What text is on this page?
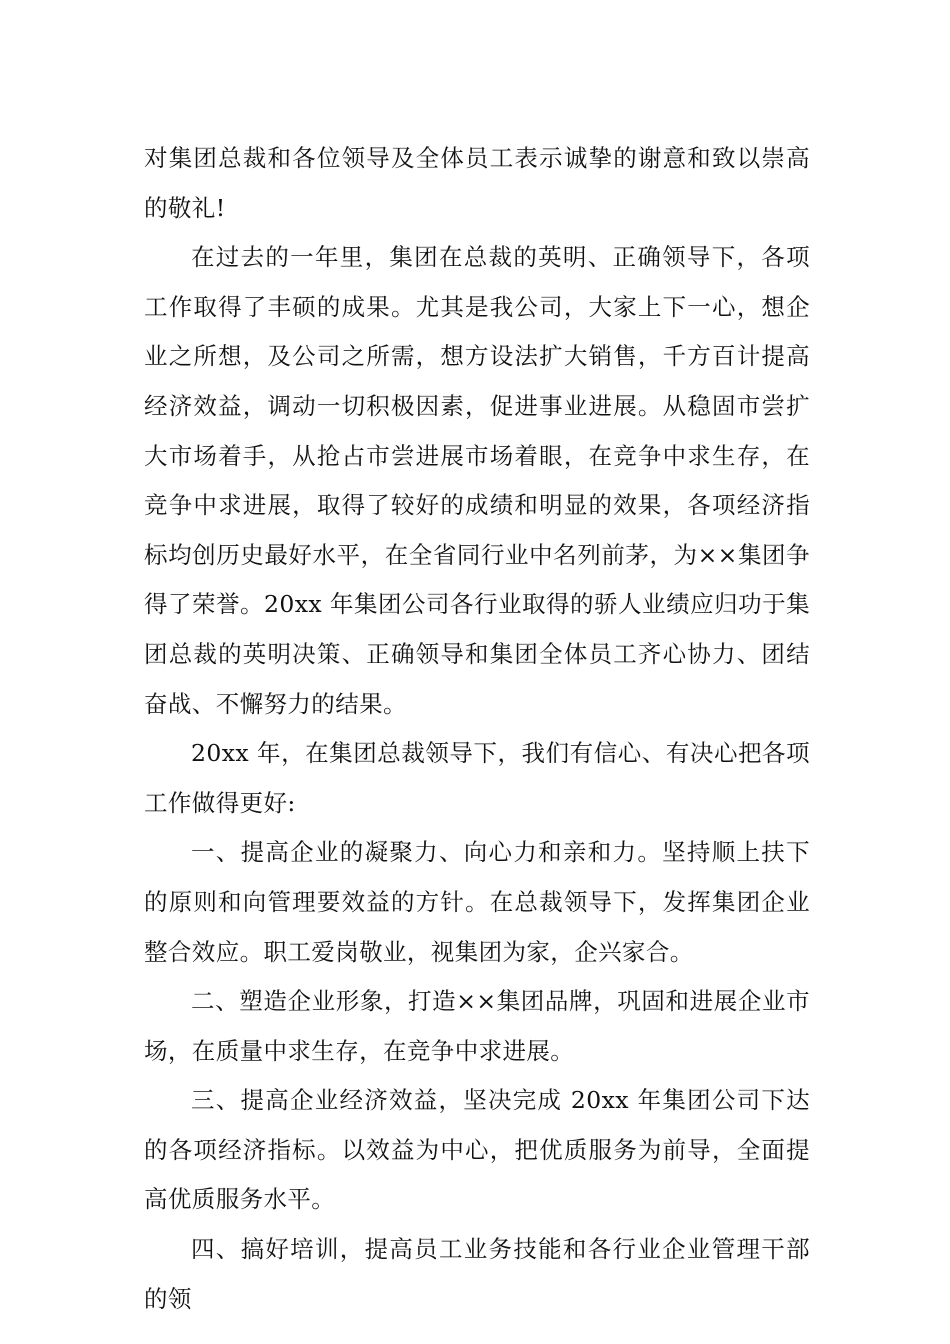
对集团总裁和各位领导及全体员工表示诚挚的谢意和致以崇高的敬礼!

在过去的一年里，集团在总裁的英明、正确领导下，各项工作取得了丰硕的成果。尤其是我公司，大家上下一心，想企业之所想，及公司之所需，想方设法扩大销售，千方百计提高经济效益，调动一切积极因素，促进事业进展。从稳固市尝扩大市场着手，从抢占市尝进展市场着眼，在竞争中求生存，在竞争中求进展，取得了较好的成绩和明显的效果，各项经济指标均创历史最好水平，在全省同行业中名列前茅，为××集团争得了荣誉。20xx 年集团公司各行业取得的骄人业绩应归功于集团总裁的英明决策、正确领导和集团全体员工齐心协力、团结奋战、不懈努力的结果。

20xx 年，在集团总裁领导下，我们有信心、有决心把各项工作做得更好:

一、提高企业的凝聚力、向心力和亲和力。坚持顺上扶下的原则和向管理要效益的方针。在总裁领导下，发挥集团企业整合效应。职工爱岗敬业，视集团为家，企兴家合。

二、塑造企业形象，打造××集团品牌，巩固和进展企业市场，在质量中求生存，在竞争中求进展。

三、提高企业经济效益，坚决完成 20xx 年集团公司下达的各项经济指标。以效益为中心，把优质服务为前导，全面提高优质服务水平。

四、搞好培训，提高员工业务技能和各行业企业管理干部的领
